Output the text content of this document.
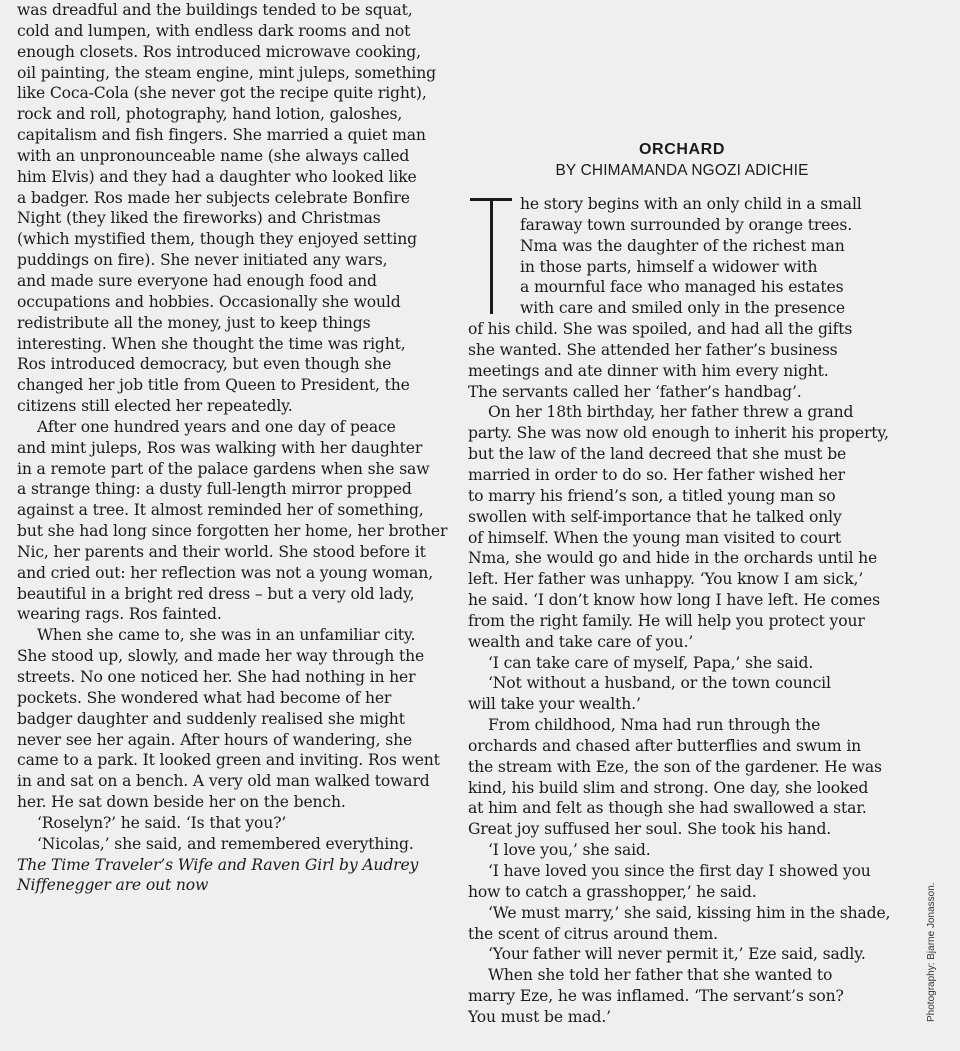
was dreadful and the buildings tended to be squat,
cold and lumpen, with endless dark rooms and not
enough closets. Ros introduced microwave cooking,
oil painting, the steam engine, mint juleps, something
like Coca-Cola (she never got the recipe quite right),
rock and roll, photography, hand lotion, galoshes,
capitalism and fish fingers. She married a quiet man
with an unpronounceable name (she always called
him Elvis) and they had a daughter who looked like
a badger. Ros made her subjects celebrate Bonfire
Night (they liked the fireworks) and Christmas
(which mystified them, though they enjoyed setting
puddings on fire). She never initiated any wars,
and made sure everyone had enough food and
occupations and hobbies. Occasionally she would
redistribute all the money, just to keep things
interesting. When she thought the time was right,
Ros introduced democracy, but even though she
changed her job title from Queen to President, the
citizens still elected her repeatedly.
After one hundred years and one day of peace
and mint juleps, Ros was walking with her daughter
in a remote part of the palace gardens when she saw
a strange thing: a dusty full-length mirror propped
against a tree. It almost reminded her of something,
but she had long since forgotten her home, her brother
Nic, her parents and their world. She stood before it
and cried out: her reflection was not a young woman,
beautiful in a bright red dress – but a very old lady,
wearing rags. Ros fainted.
When she came to, she was in an unfamiliar city.
She stood up, slowly, and made her way through the
streets. No one noticed her. She had nothing in her
pockets. She wondered what had become of her
badger daughter and suddenly realised she might
never see her again. After hours of wandering, she
came to a park. It looked green and inviting. Ros went
in and sat on a bench. A very old man walked toward
her. He sat down beside her on the bench.
‘Roselyn?’ he said. ‘Is that you?’
‘Nicolas,’ she said, and remembered everything.
The Time Traveler’s Wife and Raven Girl by Audrey
Niffenegger are out now
ORCHARD
BY CHIMAMANDA NGOZI ADICHIE
he story begins with an only child in a small
faraway town surrounded by orange trees.
Nma was the daughter of the richest man
in those parts, himself a widower with
a mournful face who managed his estates
with care and smiled only in the presence
of his child. She was spoiled, and had all the gifts
she wanted. She attended her father’s business
meetings and ate dinner with him every night.
The servants called her ‘father’s handbag’.
On her 18th birthday, her father threw a grand
party. She was now old enough to inherit his property,
but the law of the land decreed that she must be
married in order to do so. Her father wished her
to marry his friend’s son, a titled young man so
swollen with self-importance that he talked only
of himself. When the young man visited to court
Nma, she would go and hide in the orchards until he
left. Her father was unhappy. ‘You know I am sick,’
he said. ‘I don’t know how long I have left. He comes
from the right family. He will help you protect your
wealth and take care of you.’
‘I can take care of myself, Papa,’ she said.
‘Not without a husband, or the town council
will take your wealth.’
From childhood, Nma had run through the
orchards and chased after butterflies and swum in
the stream with Eze, the son of the gardener. He was
kind, his build slim and strong. One day, she looked
at him and felt as though she had swallowed a star.
Great joy suffused her soul. She took his hand.
‘I love you,’ she said.
‘I have loved you since the first day I showed you
how to catch a grasshopper,’ he said.
‘We must marry,’ she said, kissing him in the shade,
the scent of citrus around them.
‘Your father will never permit it,’ Eze said, sadly.
When she told her father that she wanted to
marry Eze, he was inflamed. ‘The servant’s son?
You must be mad.’	Photography: Bjarne Jonasson.
